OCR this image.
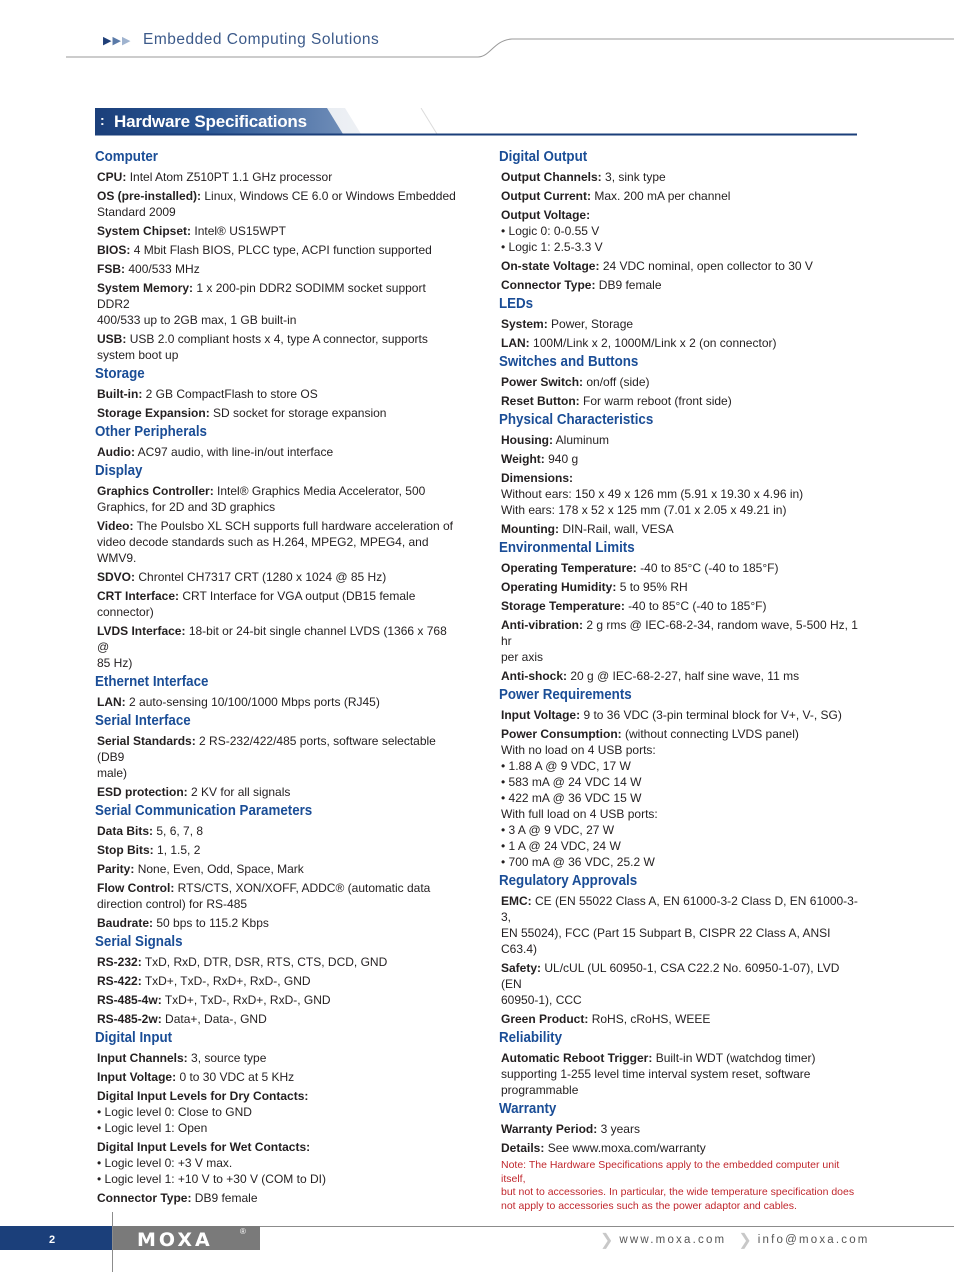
▶▶▶ Embedded Computing Solutions
: Hardware Specifications
Computer
CPU: Intel Atom Z510PT 1.1 GHz processor
OS (pre-installed): Linux, Windows CE 6.0 or Windows Embedded
Standard 2009
System Chipset: Intel® US15WPT
BIOS: 4 Mbit Flash BIOS, PLCC type, ACPI function supported
FSB: 400/533 MHz
System Memory: 1 x 200-pin DDR2 SODIMM socket support DDR2
400/533 up to 2GB max, 1 GB built-in
USB: USB 2.0 compliant hosts x 4, type A connector, supports
system boot up
Storage
Built-in: 2 GB CompactFlash to store OS
Storage Expansion: SD socket for storage expansion
Other Peripherals
Audio: AC97 audio, with line-in/out interface
Display
Graphics Controller: Intel® Graphics Media Accelerator, 500
Graphics, for 2D and 3D graphics
Video: The Poulsbo XL SCH supports full hardware acceleration of
video decode standards such as H.264, MPEG2, MPEG4, and WMV9.
SDVO: Chrontel CH7317 CRT (1280 x 1024 @ 85 Hz)
CRT Interface: CRT Interface for VGA output (DB15 female
connector)
LVDS Interface: 18-bit or 24-bit single channel LVDS (1366 x 768 @
85 Hz)
Ethernet Interface
LAN: 2 auto-sensing 10/100/1000 Mbps ports (RJ45)
Serial Interface
Serial Standards: 2 RS-232/422/485 ports, software selectable (DB9
male)
ESD protection: 2 KV for all signals
Serial Communication Parameters
Data Bits: 5, 6, 7, 8
Stop Bits: 1, 1.5, 2
Parity: None, Even, Odd, Space, Mark
Flow Control: RTS/CTS, XON/XOFF, ADDC® (automatic data
direction control) for RS-485
Baudrate: 50 bps to 115.2 Kbps
Serial Signals
RS-232: TxD, RxD, DTR, DSR, RTS, CTS, DCD, GND
RS-422: TxD+, TxD-, RxD+, RxD-, GND
RS-485-4w: TxD+, TxD-, RxD+, RxD-, GND
RS-485-2w: Data+, Data-, GND
Digital Input
Input Channels: 3, source type
Input Voltage: 0 to 30 VDC at 5 KHz
Digital Input Levels for Dry Contacts:
• Logic level 0: Close to GND
• Logic level 1: Open
Digital Input Levels for Wet Contacts:
• Logic level 0: +3 V max.
• Logic level 1: +10 V to +30 V (COM to DI)
Connector Type: DB9 female
Digital Output
Output Channels: 3, sink type
Output Current: Max. 200 mA per channel
Output Voltage:
• Logic 0: 0-0.55 V
• Logic 1: 2.5-3.3 V
On-state Voltage: 24 VDC nominal, open collector to 30 V
Connector Type: DB9 female
LEDs
System: Power, Storage
LAN: 100M/Link x 2, 1000M/Link x 2 (on connector)
Switches and Buttons
Power Switch: on/off (side)
Reset Button: For warm reboot (front side)
Physical Characteristics
Housing: Aluminum
Weight: 940 g
Dimensions:
Without ears: 150 x 49 x 126 mm (5.91 x 19.30 x 4.96 in)
With ears: 178 x 52 x 125 mm (7.01 x 2.05 x 49.21 in)
Mounting: DIN-Rail, wall, VESA
Environmental Limits
Operating Temperature: -40 to 85°C (-40 to 185°F)
Operating Humidity: 5 to 95% RH
Storage Temperature: -40 to 85°C (-40 to 185°F)
Anti-vibration: 2 g rms @ IEC-68-2-34, random wave, 5-500 Hz, 1 hr
per axis
Anti-shock: 20 g @ IEC-68-2-27, half sine wave, 11 ms
Power Requirements
Input Voltage: 9 to 36 VDC (3-pin terminal block for V+, V-, SG)
Power Consumption: (without connecting LVDS panel)
With no load on 4 USB ports:
• 1.88 A @ 9 VDC, 17 W
• 583 mA @ 24 VDC 14 W
• 422 mA @ 36 VDC 15 W
With full load on 4 USB ports:
• 3 A @ 9 VDC, 27 W
• 1 A @ 24 VDC, 24 W
• 700 mA @ 36 VDC, 25.2 W
Regulatory Approvals
EMC: CE (EN 55022 Class A, EN 61000-3-2 Class D, EN 61000-3-3,
EN 55024), FCC (Part 15 Subpart B, CISPR 22 Class A, ANSI C63.4)
Safety: UL/cUL (UL 60950-1, CSA C22.2 No. 60950-1-07), LVD (EN
60950-1), CCC
Green Product: RoHS, cRoHS, WEEE
Reliability
Automatic Reboot Trigger: Built-in WDT (watchdog timer)
supporting 1-255 level time interval system reset, software
programmable
Warranty
Warranty Period: 3 years
Details: See www.moxa.com/warranty
Note: The Hardware Specifications apply to the embedded computer unit itself,
but not to accessories. In particular, the wide temperature specification does
not apply to accessories such as the power adaptor and cables.
2	MOXA	®
❯ www.moxa.com ❯ info@moxa.com
